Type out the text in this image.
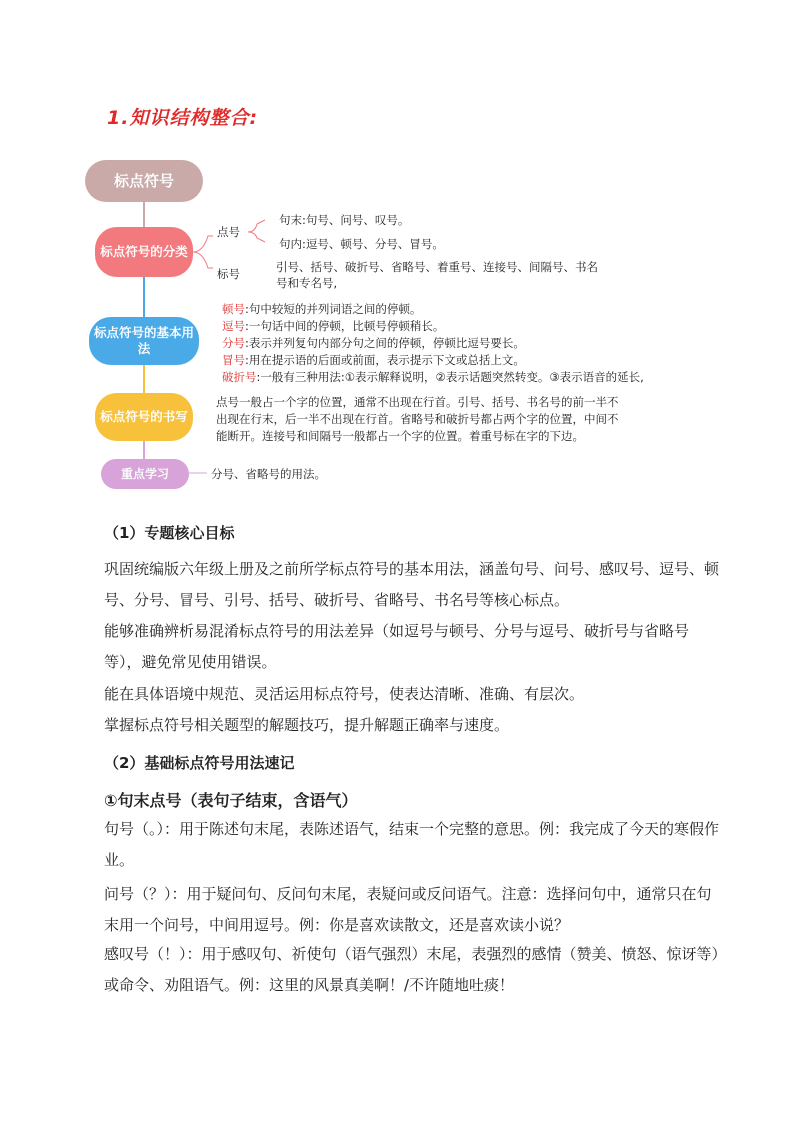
1.知识结构整合:
标点符号
标点符号的分类
标点符号的基本用法
标点符号的书写
重点学习
点号
句末:句号、问号、叹号。
句内:逗号、顿号、分号、冒号。
标号	引号、括号、破折号、省略号、着重号、连接号、间隔号、书名
号和专名号,
顿号:句中较短的并列词语之间的停顿。
逗号:一句话中间的停顿，比顿号停顿稍长。
分号:表示并列复句内部分句之间的停顿，停顿比逗号要长。
冒号:用在提示语的后面或前面，表示提示下文或总括上文。
破折号:一般有三种用法:①表示解释说明，②表示话题突然转变。③表示语音的延长,
点号一般占一个字的位置，通常不出现在行首。引号、括号、书名号的前一半不
出现在行末，后一半不出现在行首。省略号和破折号都占两个字的位置，中间不
能断开。连接号和间隔号一般都占一个字的位置。着重号标在字的下边。
分号、省略号的用法。
（1）专题核心目标
巩固统编版六年级上册及之前所学标点符号的基本用法，涵盖句号、问号、感叹号、逗号、顿号、分号、冒号、引号、括号、破折号、省略号、书名号等核心标点。
能够准确辨析易混淆标点符号的用法差异（如逗号与顿号、分号与逗号、破折号与省略号等），避免常见使用错误。
能在具体语境中规范、灵活运用标点符号，使表达清晰、准确、有层次。
掌握标点符号相关题型的解题技巧，提升解题正确率与速度。
（2）基础标点符号用法速记
①句末点号（表句子结束，含语气）
句号（。）：用于陈述句末尾，表陈述语气，结束一个完整的意思。例：我完成了今天的寒假作业。
问号（？）：用于疑问句、反问句末尾，表疑问或反问语气。注意：选择问句中，通常只在句末用一个问号，中间用逗号。例：你是喜欢读散文，还是喜欢读小说？
感叹号（！）：用于感叹句、祈使句（语气强烈）末尾，表强烈的感情（赞美、愤怒、惊讶等）或命令、劝阻语气。例：这里的风景真美啊！/不许随地吐痰！
